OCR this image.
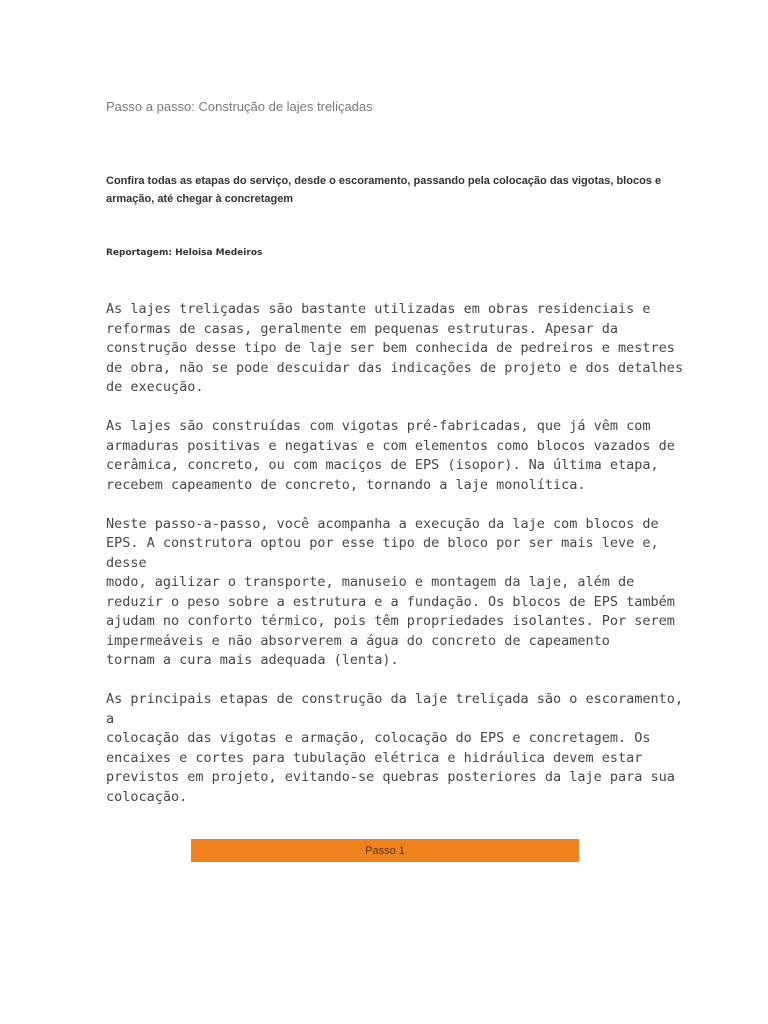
Passo a passo: Construção de lajes treliçadas
Confira todas as etapas do serviço, desde o escoramento, passando pela colocação das vigotas, blocos e armação, até chegar à concretagem
Reportagem: Heloisa Medeiros

As lajes treliçadas são bastante utilizadas em obras residenciais e
reformas de casas, geralmente em pequenas estruturas. Apesar da
construção desse tipo de laje ser bem conhecida de pedreiros e mestres
de obra, não se pode descuidar das indicações de projeto e dos detalhes
de execução.

As lajes são construídas com vigotas pré-fabricadas, que já vêm com
armaduras positivas e negativas e com elementos como blocos vazados de
cerâmica, concreto, ou com maciços de EPS (isopor). Na última etapa,
recebem capeamento de concreto, tornando a laje monolítica.

Neste passo-a-passo, você acompanha a execução da laje com blocos de
EPS. A construtora optou por esse tipo de bloco por ser mais leve e, desse
modo, agilizar o transporte, manuseio e montagem da laje, além de
reduzir o peso sobre a estrutura e a fundação. Os blocos de EPS também
ajudam no conforto térmico, pois têm propriedades isolantes. Por serem
impermeáveis e não absorverem a água do concreto de capeamento
tornam a cura mais adequada (lenta).

As principais etapas de construção da laje treliçada são o escoramento, a
colocação das vigotas e armação, colocação do EPS e concretagem. Os
encaixes e cortes para tubulação elétrica e hidráulica devem estar
previstos em projeto, evitando-se quebras posteriores da laje para sua
colocação.

Passo 1
